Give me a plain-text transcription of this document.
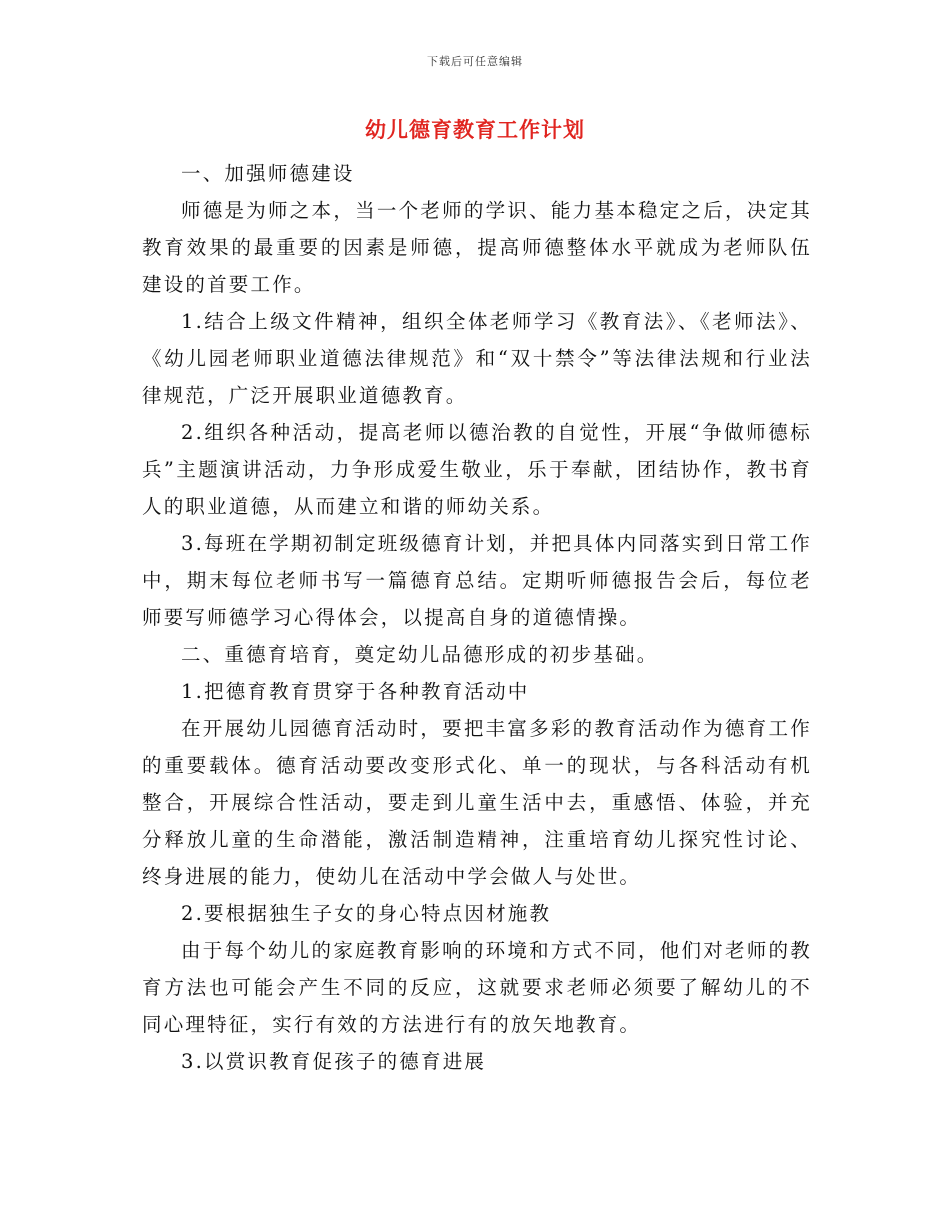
下载后可任意编辑
幼儿德育教育工作计划

一、加强师德建设

师德是为师之本，当一个老师的学识、能力基本稳定之后，决定其教育效果的最重要的因素是师德，提高师德整体水平就成为老师队伍建设的首要工作。

1.结合上级文件精神，组织全体老师学习《教育法》、《老师法》、《幼儿园老师职业道德法律规范》和“双十禁令”等法律法规和行业法律规范，广泛开展职业道德教育。

2.组织各种活动，提高老师以德治教的自觉性，开展“争做师德标兵”主题演讲活动，力争形成爱生敬业，乐于奉献，团结协作，教书育人的职业道德，从而建立和谐的师幼关系。

3.每班在学期初制定班级德育计划，并把具体内同落实到日常工作中，期末每位老师书写一篇德育总结。定期听师德报告会后，每位老师要写师德学习心得体会，以提高自身的道德情操。

二、重德育培育，奠定幼儿品德形成的初步基础。

1.把德育教育贯穿于各种教育活动中

在开展幼儿园德育活动时，要把丰富多彩的教育活动作为德育工作的重要载体。德育活动要改变形式化、单一的现状，与各科活动有机整合，开展综合性活动，要走到儿童生活中去，重感悟、体验，并充分释放儿童的生命潜能，激活制造精神，注重培育幼儿探究性讨论、终身进展的能力，使幼儿在活动中学会做人与处世。

2.要根据独生子女的身心特点因材施教

由于每个幼儿的家庭教育影响的环境和方式不同，他们对老师的教育方法也可能会产生不同的反应，这就要求老师必须要了解幼儿的不同心理特征，实行有效的方法进行有的放矢地教育。

3.以赏识教育促孩子的德育进展
